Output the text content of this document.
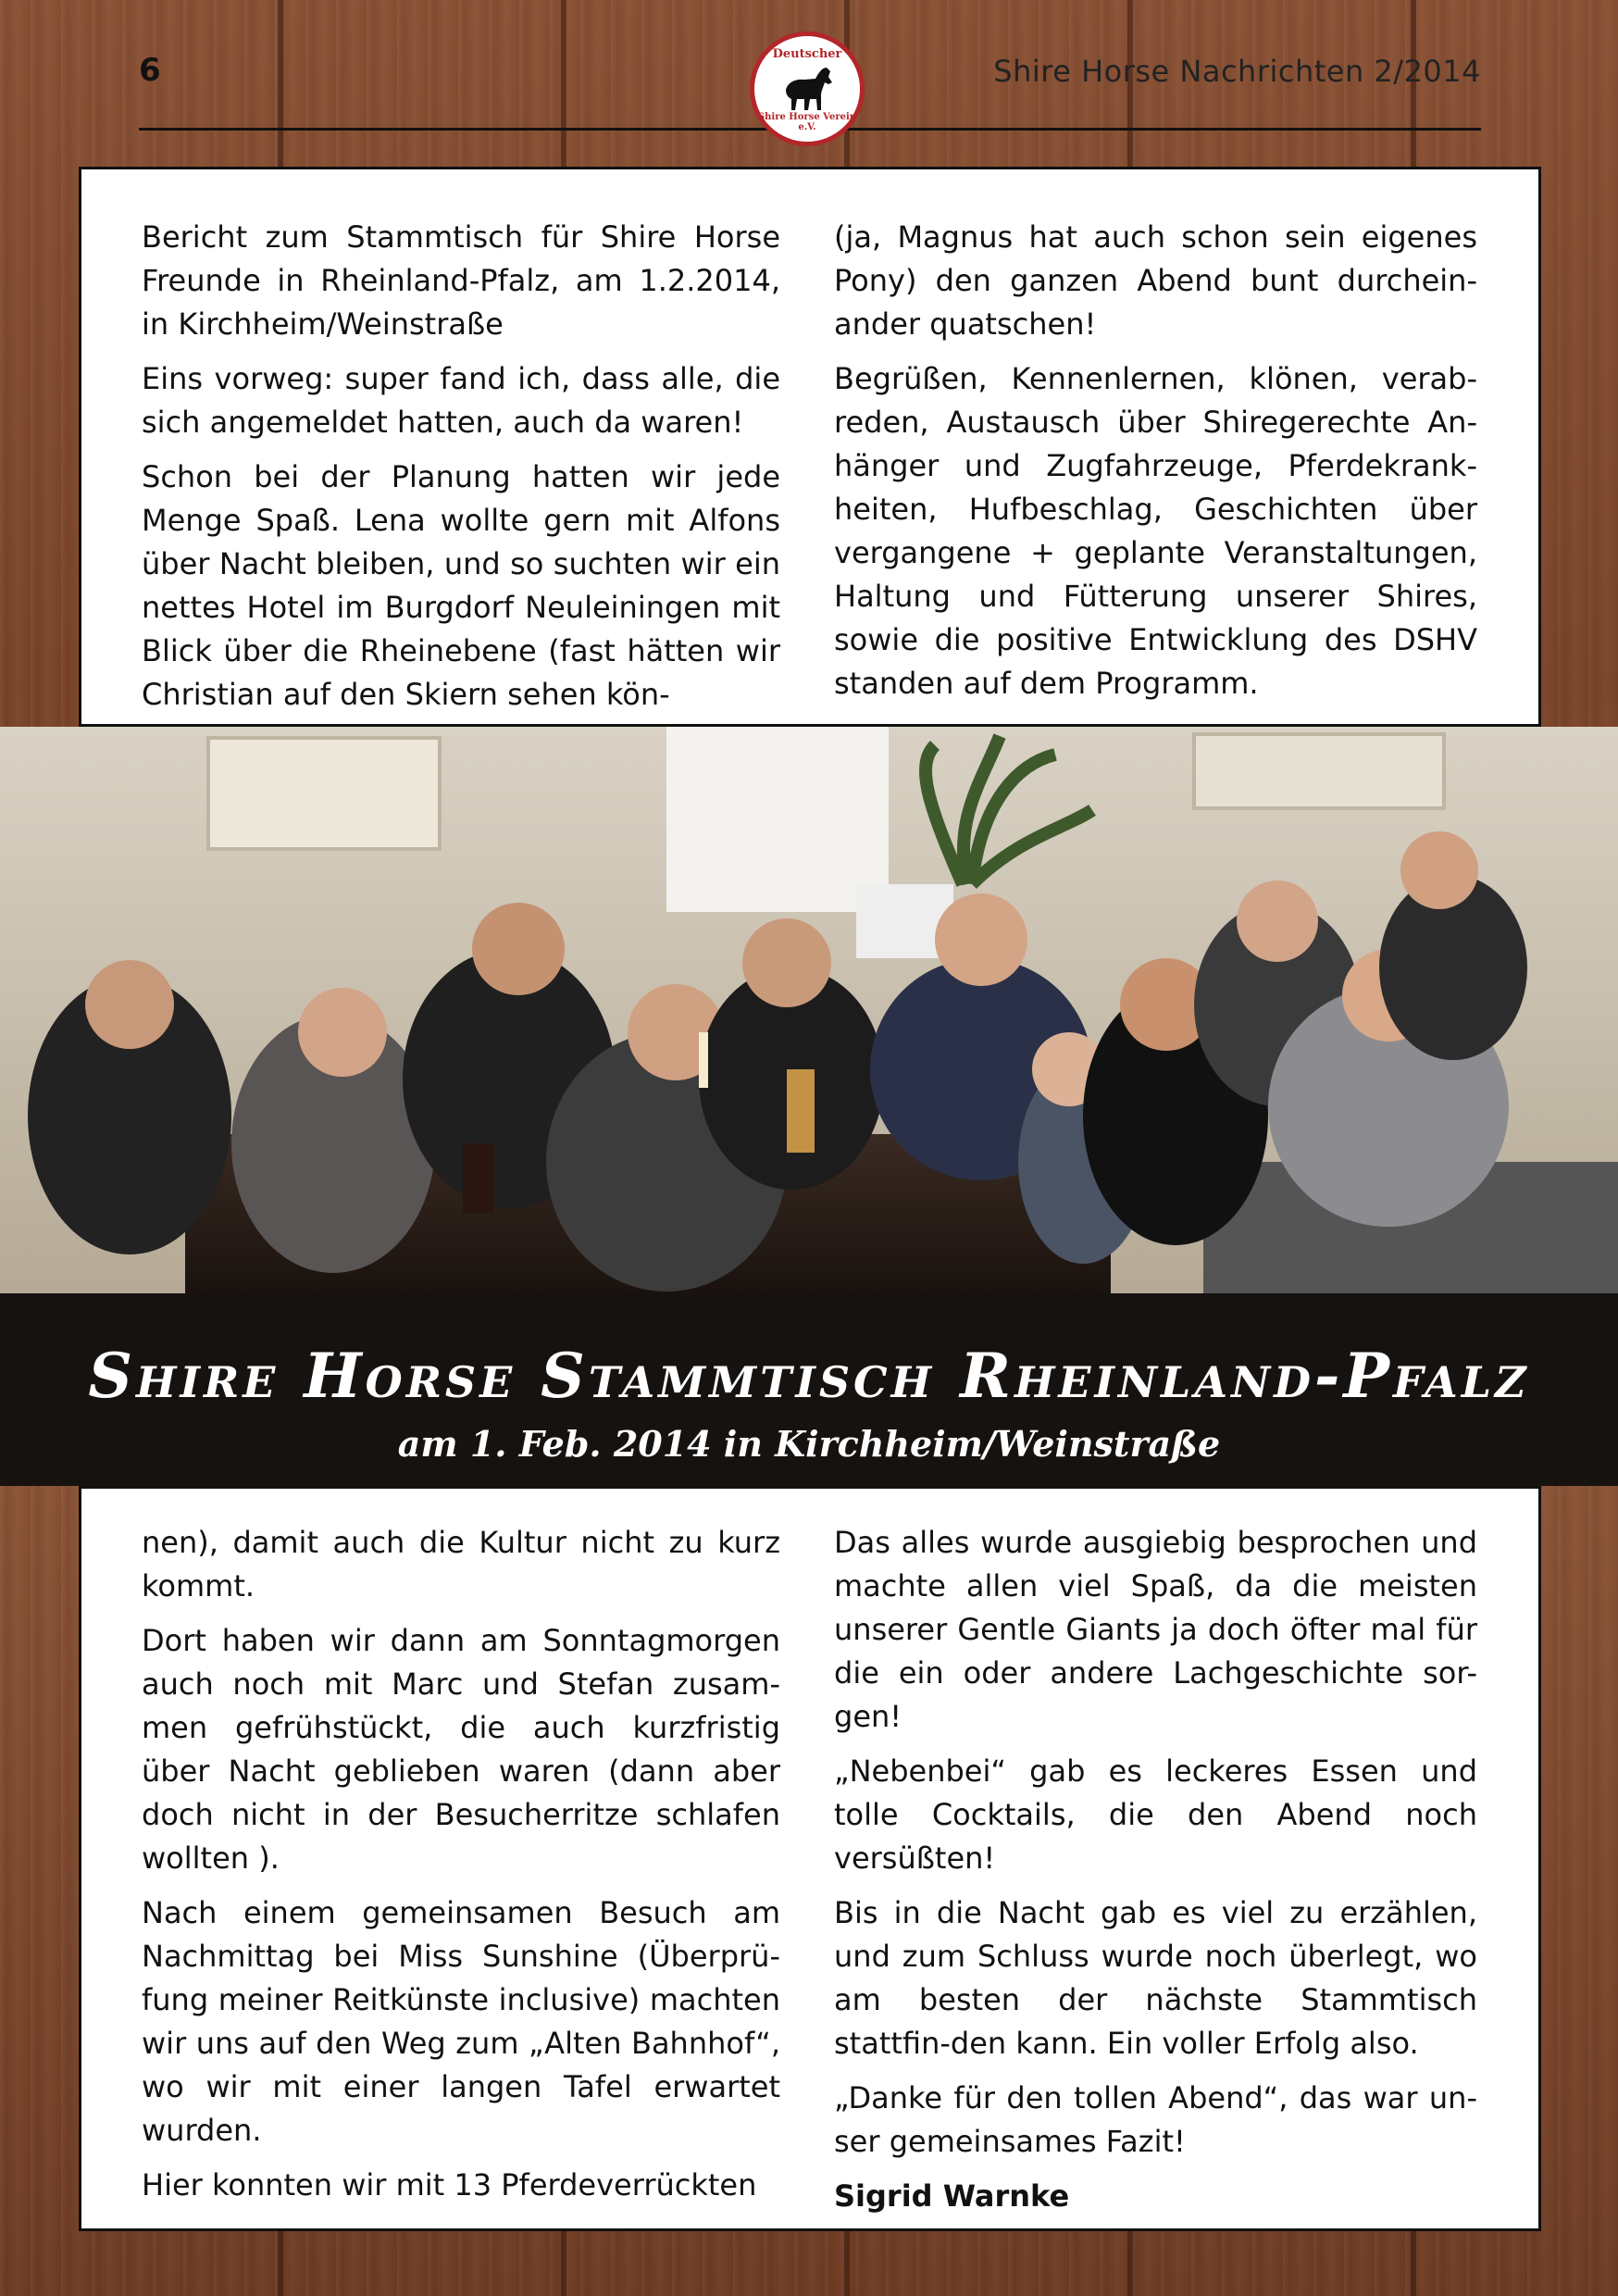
6	Shire Horse Nachrichten 2/2014
Deutscher
Shire Horse Verein e.V.

Bericht zum Stammtisch für Shire Horse Freunde in Rheinland-Pfalz, am 1.2.2014, in Kirchheim/Weinstraße

Eins vorweg: super fand ich, dass alle, die sich angemeldet hatten, auch da waren!

Schon bei der Planung hatten wir jede Menge Spaß. Lena wollte gern mit Alfons über Nacht bleiben, und so suchten wir ein nettes Hotel im Burgdorf Neuleiningen mit Blick über die Rheinebene (fast hätten wir Christian auf den Skiern sehen kön-

(ja, Magnus hat auch schon sein eigenes Pony) den ganzen Abend bunt durchein-ander quatschen!

Begrüßen, Kennenlernen, klönen, verab-reden, Austausch über Shiregerechte An-hänger und Zugfahrzeuge, Pferdekrank-heiten, Hufbeschlag, Geschichten über vergangene + geplante Veranstaltungen, Haltung und Fütterung unserer Shires, sowie die positive Entwicklung des DSHV standen auf dem Programm.

Shire Horse Stammtisch Rheinland-Pfalz
am 1. Feb. 2014 in Kirchheim/Weinstraße

nen), damit auch die Kultur nicht zu kurz kommt.

Dort haben wir dann am Sonntagmorgen auch noch mit Marc und Stefan zusam-men gefrühstückt, die auch kurzfristig über Nacht geblieben waren (dann aber doch nicht in der Besucherritze schlafen wollten ).

Nach einem gemeinsamen Besuch am Nachmittag bei Miss Sunshine (Überprü-fung meiner Reitkünste inclusive) machten wir uns auf den Weg zum „Alten Bahnhof“, wo wir mit einer langen Tafel erwartet wurden.

Hier konnten wir mit 13 Pferdeverrückten

Das alles wurde ausgiebig besprochen und machte allen viel Spaß, da die meisten unserer Gentle Giants ja doch öfter mal für die ein oder andere Lachgeschichte sor-gen!

„Nebenbei“ gab es leckeres Essen und tolle Cocktails, die den Abend noch versüßten!

Bis in die Nacht gab es viel zu erzählen, und zum Schluss wurde noch überlegt, wo am besten der nächste Stammtisch stattfin-den kann. Ein voller Erfolg also.

„Danke für den tollen Abend“, das war un-ser gemeinsames Fazit!

Sigrid Warnke
